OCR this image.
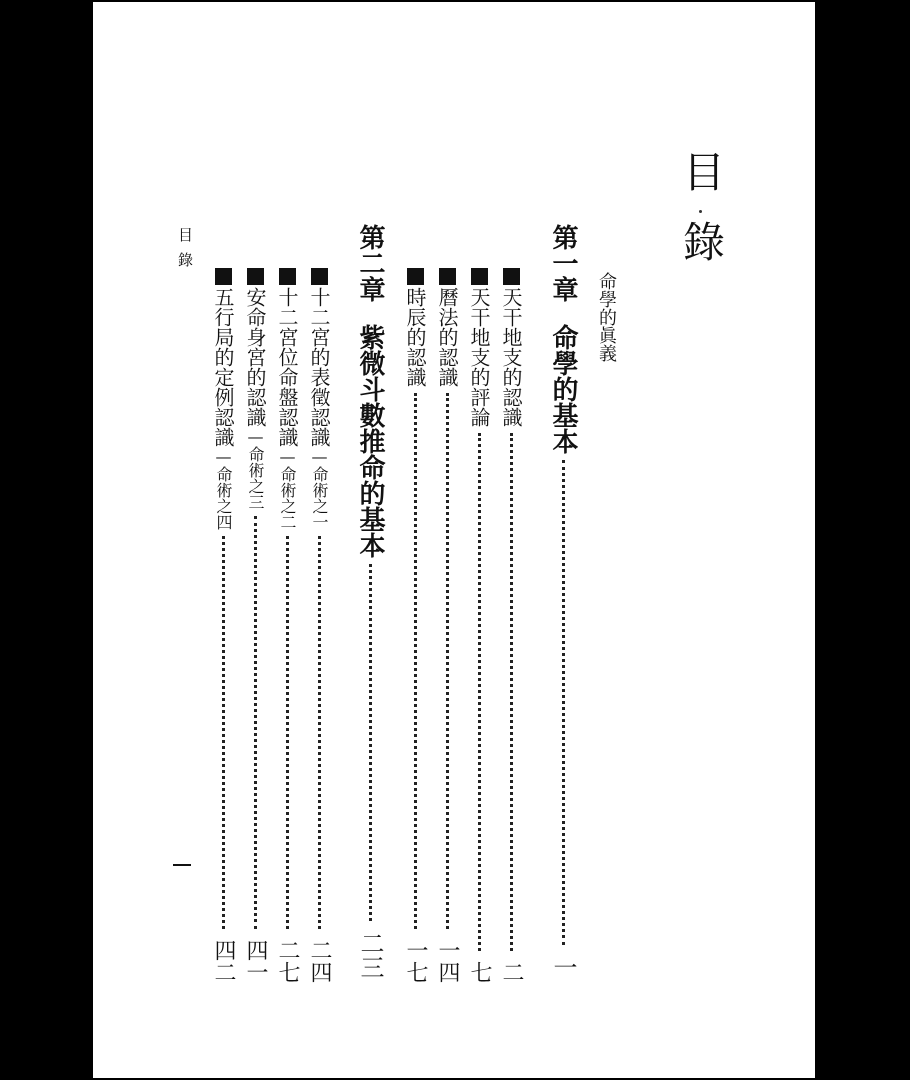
目
錄
命學的眞義
第一章
命學的基本
一
天干地支的認識
二
天干地支的評論
七
曆法的認識
一四
時辰的認識
一七
第二章
紫微斗數推命的基本
二三
十二宮的表徵認識
—命術之一
二四
十二宮位命盤認識
—命術之二
二七
安命身宮的認識
—命術之三
四一
五行局的定例認識
—命術之四
四二
目錄
一
